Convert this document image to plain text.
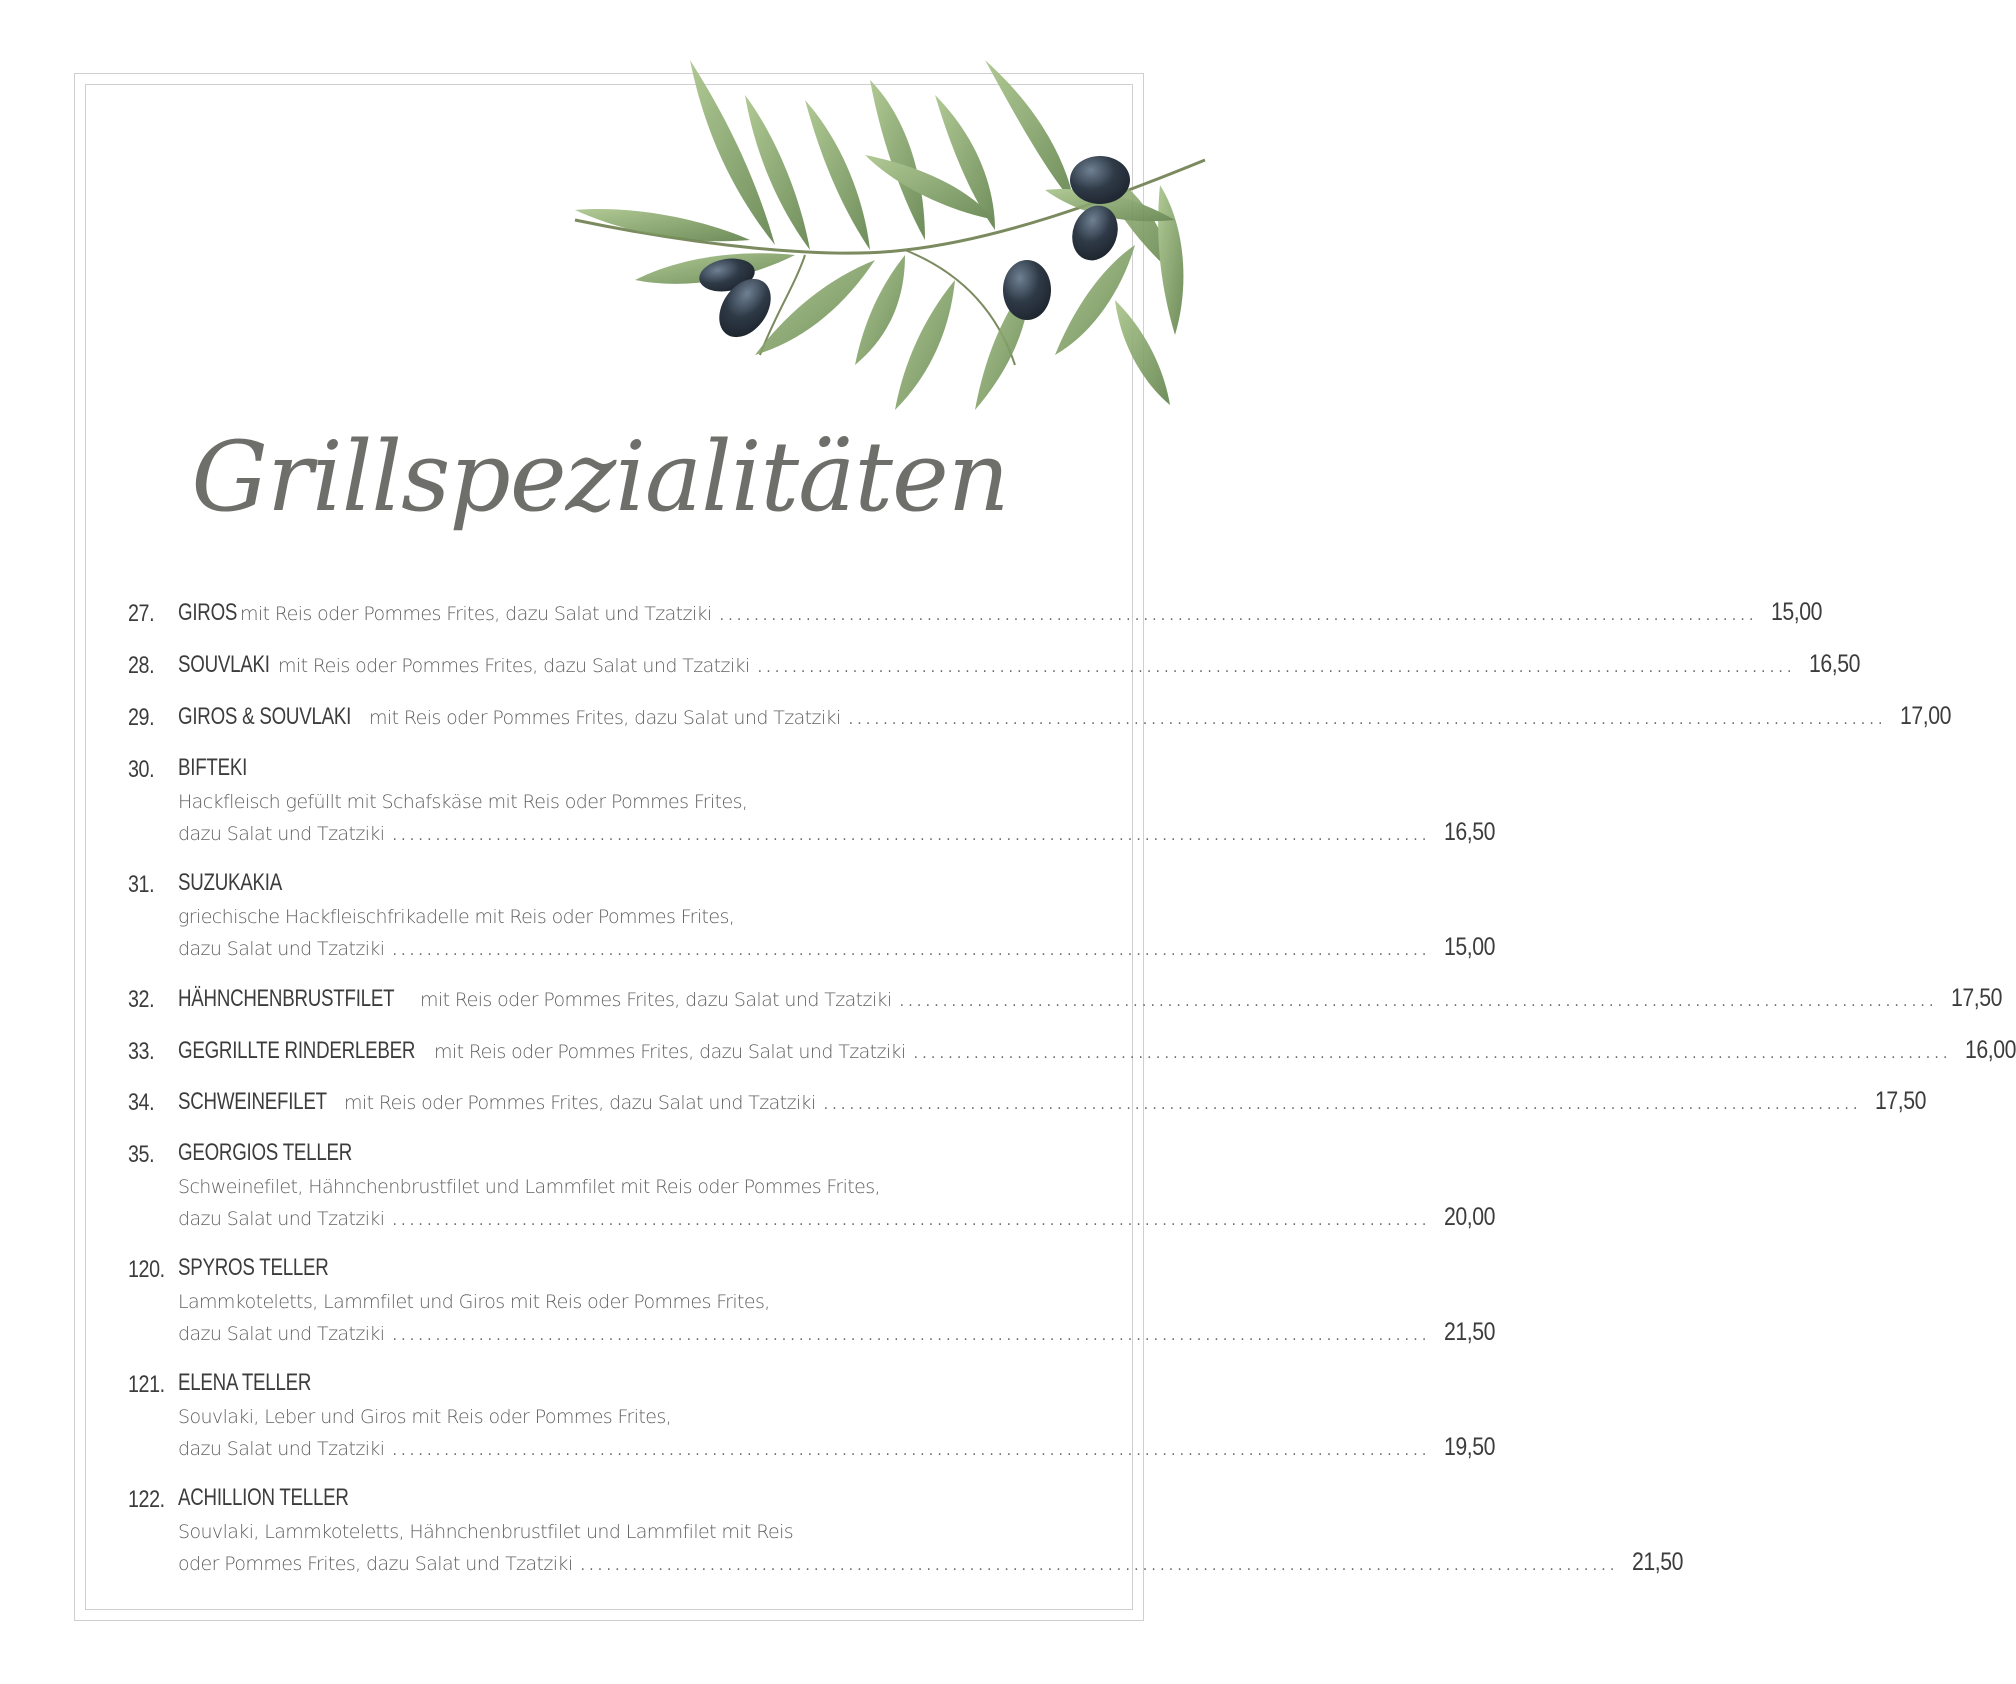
Grillspezialitäten
27. GIROS mit Reis oder Pommes Frites, dazu Salat und Tzatziki ........................................................................................................................ 15,00
28. SOUVLAKI mit Reis oder Pommes Frites, dazu Salat und Tzatziki ........................................................................................................................ 16,50
29. GIROS & SOUVLAKI mit Reis oder Pommes Frites, dazu Salat und Tzatziki ........................................................................................................................ 17,00
30. BIFTEKI
Hackfleisch gefüllt mit Schafskäse mit Reis oder Pommes Frites,
dazu Salat und Tzatziki ........................................................................................................................ 16,50
31. SUZUKAKIA
griechische Hackfleischfrikadelle mit Reis oder Pommes Frites,
dazu Salat und Tzatziki ........................................................................................................................ 15,00
32. HÄHNCHENBRUSTFILET mit Reis oder Pommes Frites, dazu Salat und Tzatziki ........................................................................................................................ 17,50
33. GEGRILLTE RINDERLEBER mit Reis oder Pommes Frites, dazu Salat und Tzatziki ........................................................................................................................ 16,00
34. SCHWEINEFILET mit Reis oder Pommes Frites, dazu Salat und Tzatziki ........................................................................................................................ 17,50
35. GEORGIOS TELLER
Schweinefilet, Hähnchenbrustfilet und Lammfilet mit Reis oder Pommes Frites,
dazu Salat und Tzatziki ........................................................................................................................ 20,00
120. SPYROS TELLER
Lammkoteletts, Lammfilet und Giros mit Reis oder Pommes Frites,
dazu Salat und Tzatziki ........................................................................................................................ 21,50
121. ELENA TELLER
Souvlaki, Leber und Giros mit Reis oder Pommes Frites,
dazu Salat und Tzatziki ........................................................................................................................ 19,50
122. ACHILLION TELLER
Souvlaki, Lammkoteletts, Hähnchenbrustfilet und Lammfilet mit Reis
oder Pommes Frites, dazu Salat und Tzatziki ........................................................................................................................ 21,50
